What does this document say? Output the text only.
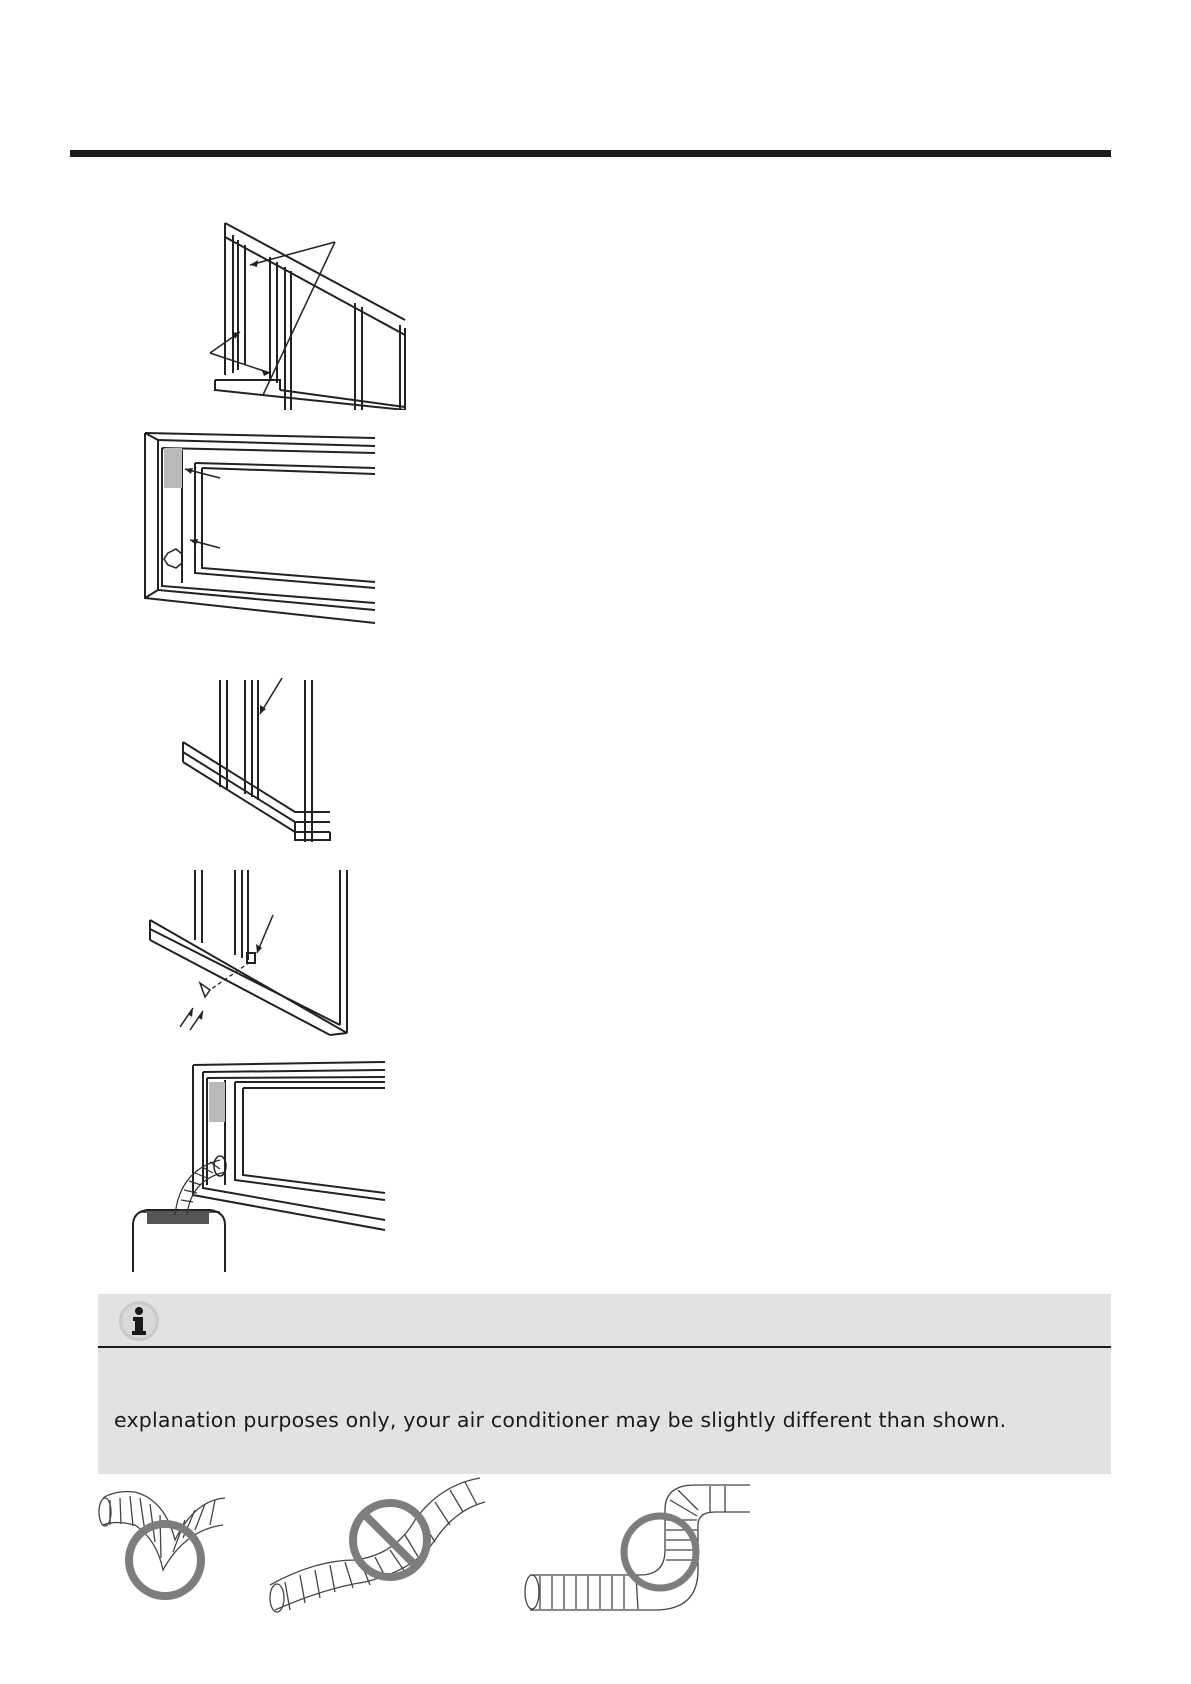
explanation purposes only, your air conditioner may be slightly different than shown.
